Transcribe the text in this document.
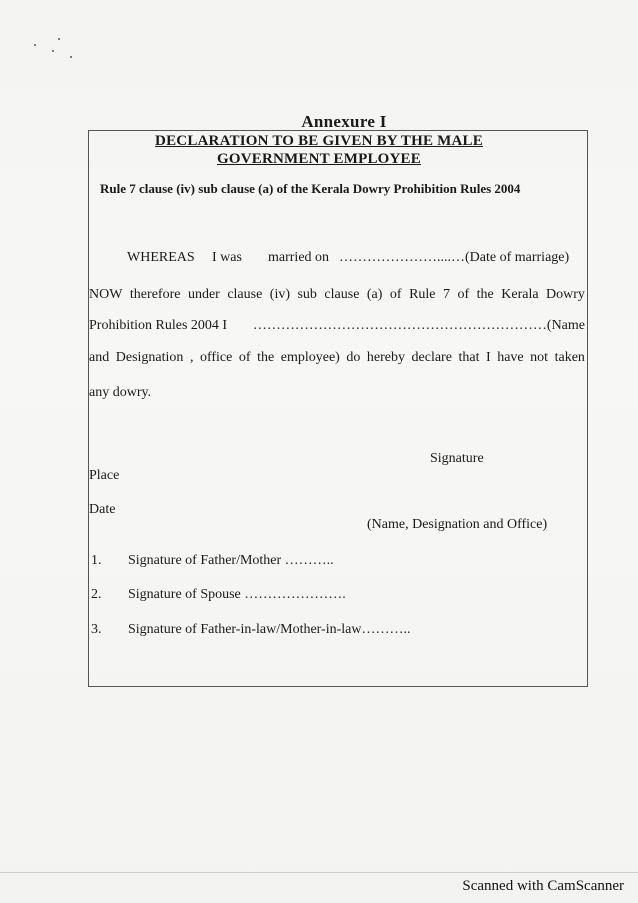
Annexure I
DECLARATION TO BE GIVEN BY THE MALE
GOVERNMENT EMPLOYEE
Rule 7 clause (iv) sub clause (a) of the Kerala Dowry Prohibition Rules 2004
WHEREAS I was married on …………………....…(Date of marriage)
NOW therefore under clause (iv) sub clause (a) of Rule 7 of the Kerala Dowry
Prohibition Rules 2004 I ………………………………………………………(Name
and Designation , office of the employee) do hereby declare that I have not taken
any dowry.
Signature
Place
Date
(Name, Designation and Office)
1. Signature of Father/Mother ………..
2. Signature of Spouse ………………….
3. Signature of Father-in-law/Mother-in-law………..
Scanned with CamScanner
